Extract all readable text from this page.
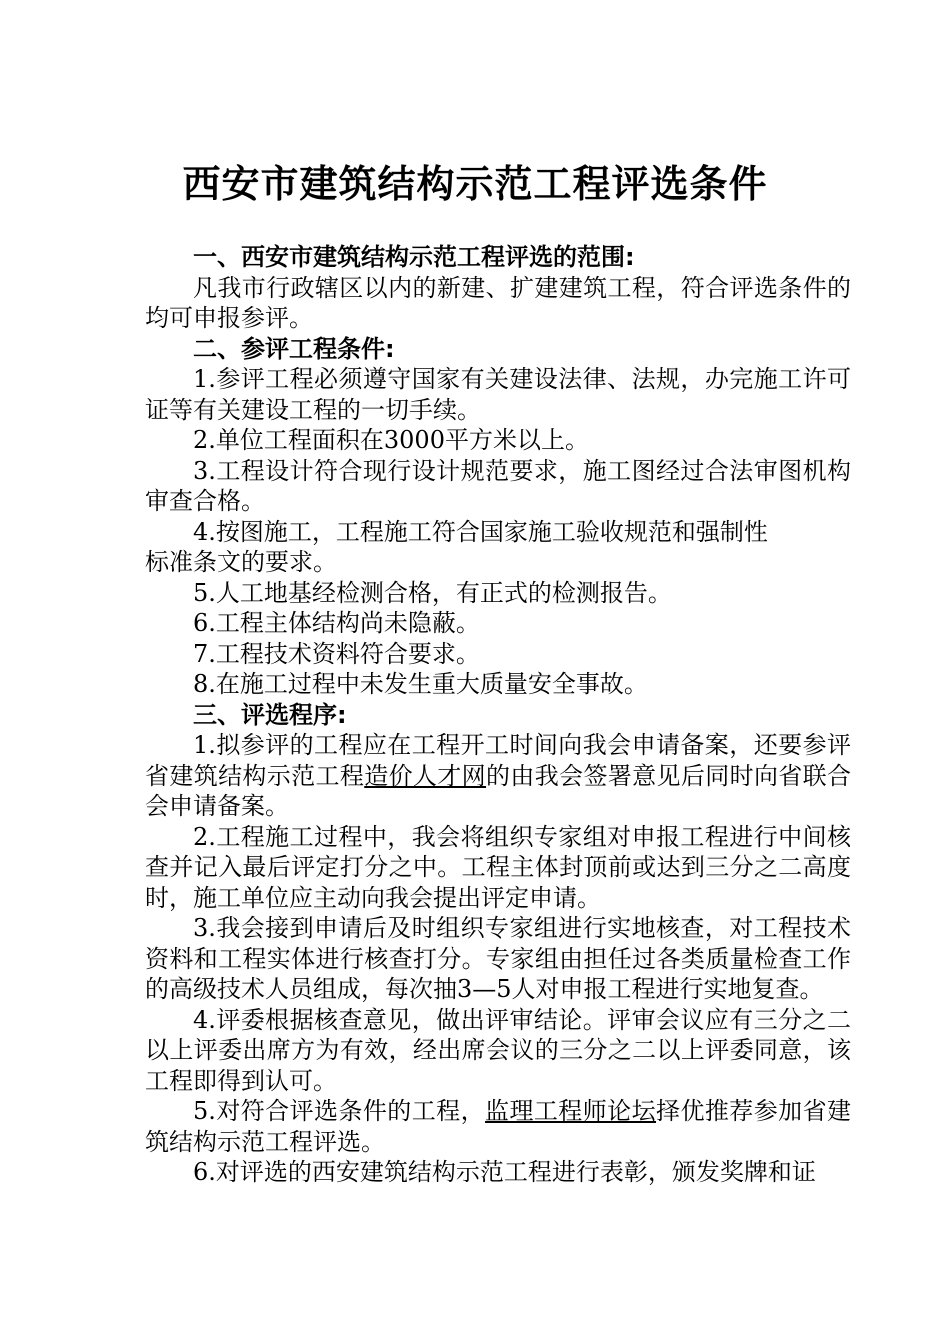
西安市建筑结构示范工程评选条件
一、西安市建筑结构示范工程评选的范围:
凡我市行政辖区以内的新建、扩建建筑工程，符合评选条件的均可申报参评。
二、参评工程条件:
1.参评工程必须遵守国家有关建设法律、法规，办完施工许可证等有关建设工程的一切手续。
2.单位工程面积在3000平方米以上。
3.工程设计符合现行设计规范要求，施工图经过合法审图机构审查合格。
4.按图施工，工程施工符合国家施工验收规范和强制性
标准条文的要求。
5.人工地基经检测合格，有正式的检测报告。
6.工程主体结构尚未隐蔽。
7.工程技术资料符合要求。
8.在施工过程中未发生重大质量安全事故。
三、评选程序:
1.拟参评的工程应在工程开工时间向我会申请备案，还要参评省建筑结构示范工程造价人才网的由我会签署意见后同时向省联合会申请备案。
2.工程施工过程中，我会将组织专家组对申报工程进行中间核查并记入最后评定打分之中。工程主体封顶前或达到三分之二高度时，施工单位应主动向我会提出评定申请。
3.我会接到申请后及时组织专家组进行实地核查，对工程技术资料和工程实体进行核查打分。专家组由担任过各类质量检查工作的高级技术人员组成，每次抽3—5人对申报工程进行实地复查。
4.评委根据核查意见，做出评审结论。评审会议应有三分之二以上评委出席方为有效，经出席会议的三分之二以上评委同意，该工程即得到认可。
5.对符合评选条件的工程，监理工程师论坛择优推荐参加省建筑结构示范工程评选。
6.对评选的西安建筑结构示范工程进行表彰，颁发奖牌和证
